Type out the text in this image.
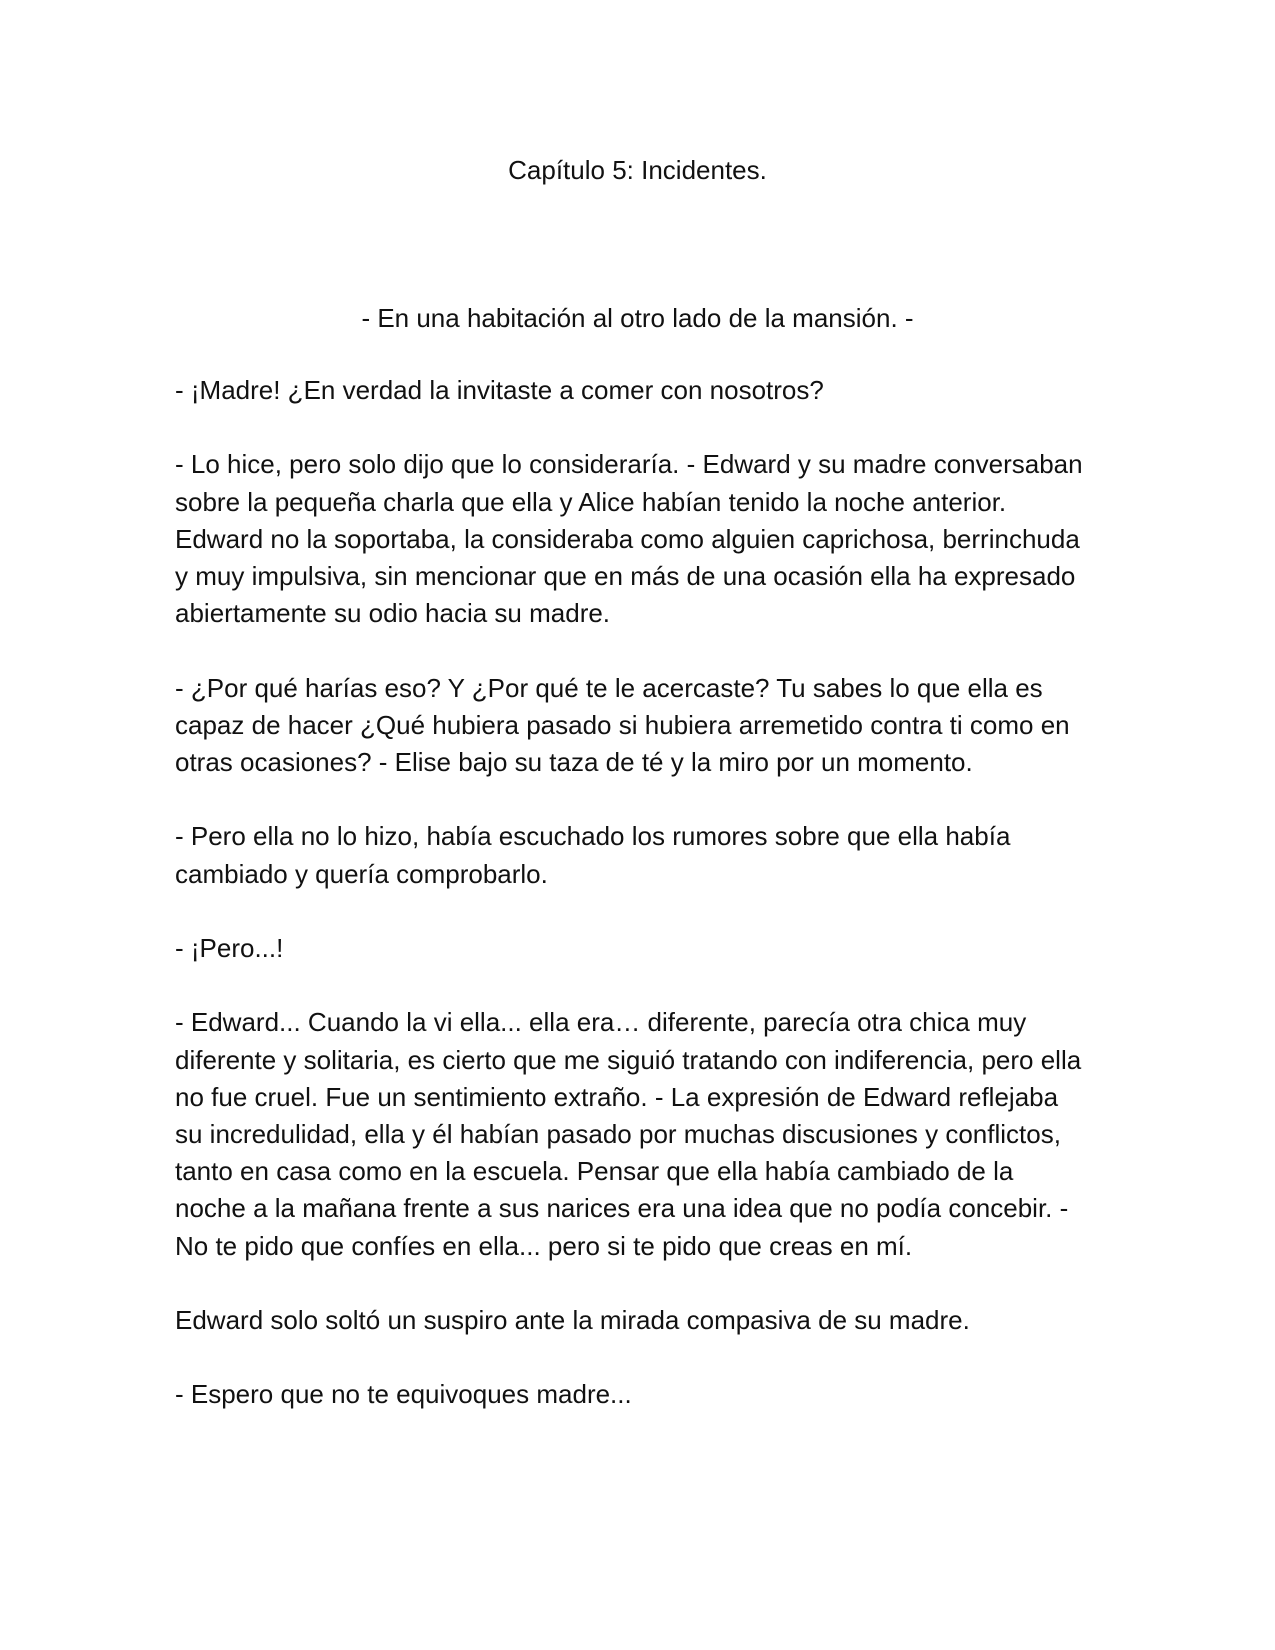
Capítulo 5: Incidentes.
- En una habitación al otro lado de la mansión. -

- ¡Madre! ¿En verdad la invitaste a comer con nosotros?

- Lo hice, pero solo dijo que lo consideraría. - Edward y su madre conversaban sobre la pequeña charla que ella y Alice habían tenido la noche anterior. Edward no la soportaba, la consideraba como alguien caprichosa, berrinchuda y muy impulsiva, sin mencionar que en más de una ocasión ella ha expresado abiertamente su odio hacia su madre.

- ¿Por qué harías eso? Y ¿Por qué te le acercaste? Tu sabes lo que ella es capaz de hacer ¿Qué hubiera pasado si hubiera arremetido contra ti como en otras ocasiones? - Elise bajo su taza de té y la miro por un momento.

- Pero ella no lo hizo, había escuchado los rumores sobre que ella había cambiado y quería comprobarlo.

- ¡Pero...!

- Edward... Cuando la vi ella... ella era… diferente, parecía otra chica muy diferente y solitaria, es cierto que me siguió tratando con indiferencia, pero ella no fue cruel. Fue un sentimiento extraño. - La expresión de Edward reflejaba su incredulidad, ella y él habían pasado por muchas discusiones y conflictos, tanto en casa como en la escuela. Pensar que ella había cambiado de la noche a la mañana frente a sus narices era una idea que no podía concebir. - No te pido que confíes en ella... pero si te pido que creas en mí.

Edward solo soltó un suspiro ante la mirada compasiva de su madre.

- Espero que no te equivoques madre...
